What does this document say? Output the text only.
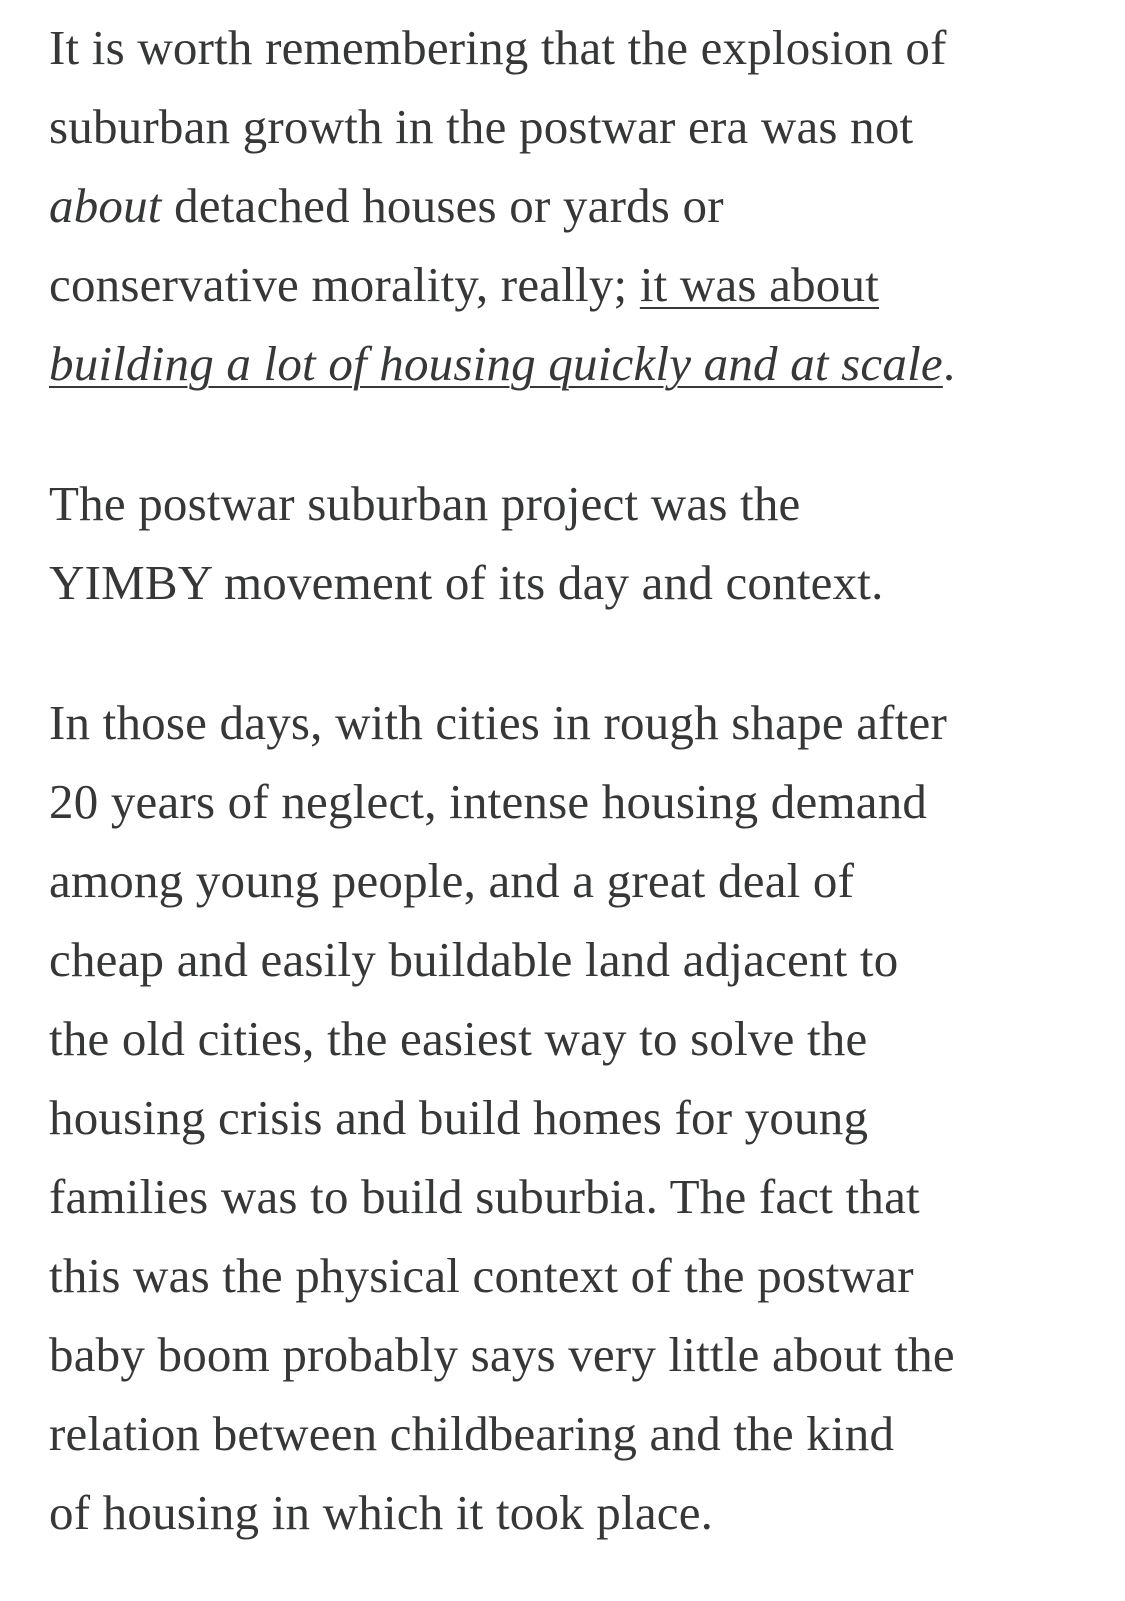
It is worth remembering that the explosion of
suburban growth in the postwar era was not
about detached houses or yards or
conservative morality, really; it was about
building a lot of housing quickly and at scale.

The postwar suburban project was the
YIMBY movement of its day and context.

In those days, with cities in rough shape after
20 years of neglect, intense housing demand
among young people, and a great deal of
cheap and easily buildable land adjacent to
the old cities, the easiest way to solve the
housing crisis and build homes for young
families was to build suburbia. The fact that
this was the physical context of the postwar
baby boom probably says very little about the
relation between childbearing and the kind
of housing in which it took place.
